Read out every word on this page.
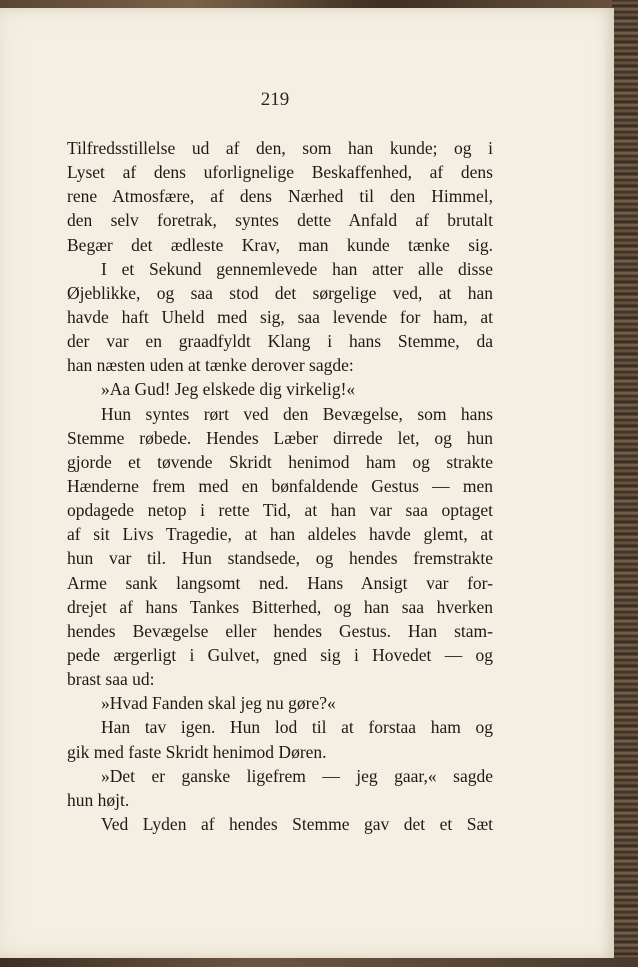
219
Tilfredsstillelse ud af den, som han kunde; og i
Lyset af dens uforlignelige Beskaffenhed, af dens
rene Atmosfære, af dens Nærhed til den Himmel,
den selv foretrak, syntes dette Anfald af brutalt
Begær det ædleste Krav, man kunde tænke sig.
I et Sekund gennemlevede han atter alle disse
Øjeblikke, og saa stod det sørgelige ved, at han
havde haft Uheld med sig, saa levende for ham, at
der var en graadfyldt Klang i hans Stemme, da
han næsten uden at tænke derover sagde:
»Aa Gud! Jeg elskede dig virkelig!«
Hun syntes rørt ved den Bevægelse, som hans
Stemme røbede. Hendes Læber dirrede let, og hun
gjorde et tøvende Skridt henimod ham og strakte
Hænderne frem med en bønfaldende Gestus — men
opdagede netop i rette Tid, at han var saa optaget
af sit Livs Tragedie, at han aldeles havde glemt, at
hun var til. Hun standsede, og hendes fremstrakte
Arme sank langsomt ned. Hans Ansigt var for-
drejet af hans Tankes Bitterhed, og han saa hverken
hendes Bevægelse eller hendes Gestus. Han stam-
pede ærgerligt i Gulvet, gned sig i Hovedet — og
brast saa ud:
»Hvad Fanden skal jeg nu gøre?«
Han tav igen. Hun lod til at forstaa ham og
gik med faste Skridt henimod Døren.
»Det er ganske ligefrem — jeg gaar,« sagde
hun højt.
Ved Lyden af hendes Stemme gav det et Sæt
